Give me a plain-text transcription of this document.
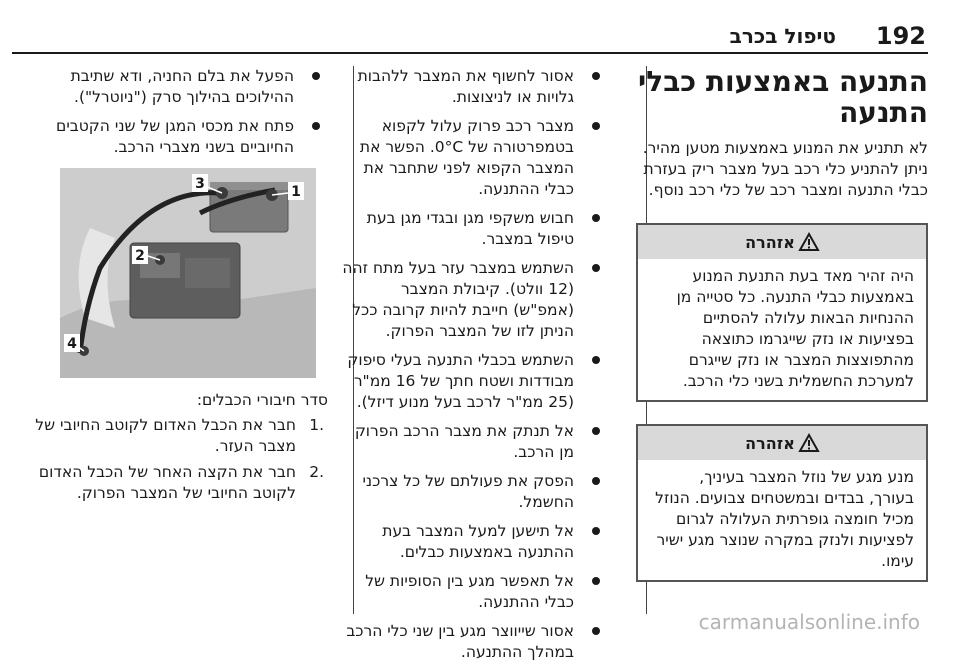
192
טיפול בכרב
התנעה באמצעות כבלי התנעה
לא תתניע את המנוע באמצעות מטען מהיר. ניתן להתניע כלי רכב בעל מצבר ריק בעזרת כבלי התנעה ומצבר רכב של כלי רכב נוסף.
אזהרה
היה זהיר מאד בעת התנעת המנוע באמצעות כבלי התנעה. כל סטייה מן ההנחיות הבאות עלולה להסתיים בפציעות או נזק שייגרמו כתוצאה מהתפוצצות המצבר או נזק שייגרם למערכת החשמלית בשני כלי הרכב.
אזהרה
מנע מגע של נוזל המצבר בעיניך, בעורך, בבדים ובמשטחים צבועים. הנוזל מכיל חומצה גופרתית העלולה לגרום לפציעות ולנזק במקרה שנוצר מגע ישיר עימו.
אסור לחשוף את המצבר ללהבות גלויות או לניצוצות.
מצבר רכב פרוק עלול לקפוא בטמפרטורה של 0°C. הפשר את המצבר הקפוא לפני שתחבר את כבלי ההתנעה.
חבוש משקפי מגן ובגדי מגן בעת טיפול במצבר.
השתמש במצבר עזר בעל מתח זהה (12 וולט). קיבולת המצבר (אמפ"ש) חייבת להיות קרובה ככל הניתן לזו של המצבר הפרוק.
השתמש בכבלי התנעה בעלי סיפוק מבודדות ושטח חתך של 16 ממ"ר (25 ממ"ר לרכב בעל מנוע דיזל).
אל תנתק את מצבר הרכב הפרוק מן הרכב.
הפסק את פעולתם של כל צרכני החשמל.
אל תישען למעל המצבר בעת ההתנעה באמצעות כבלים.
אל תאפשר מגע בין הסופיות של כבלי ההתנעה.
אסור שייווצר מגע בין שני כלי הרכב במהלך ההתנעה.
הפעל את בלם החניה, ודא שתיבת ההילוכים בהילוך סרק ("ניוטרל").
פתח את מכסי המגן של שני הקטבים החיוביים בשני מצברי הרכב.
1
3
2
4
סדר חיבורי הכבלים:
1.
חבר את הכבל האדום לקוטב החיובי של מצבר העזר.
2.
חבר את הקצה האחר של הכבל האדום לקוטב החיובי של המצבר הפרוק.
carmanualsonline.info
